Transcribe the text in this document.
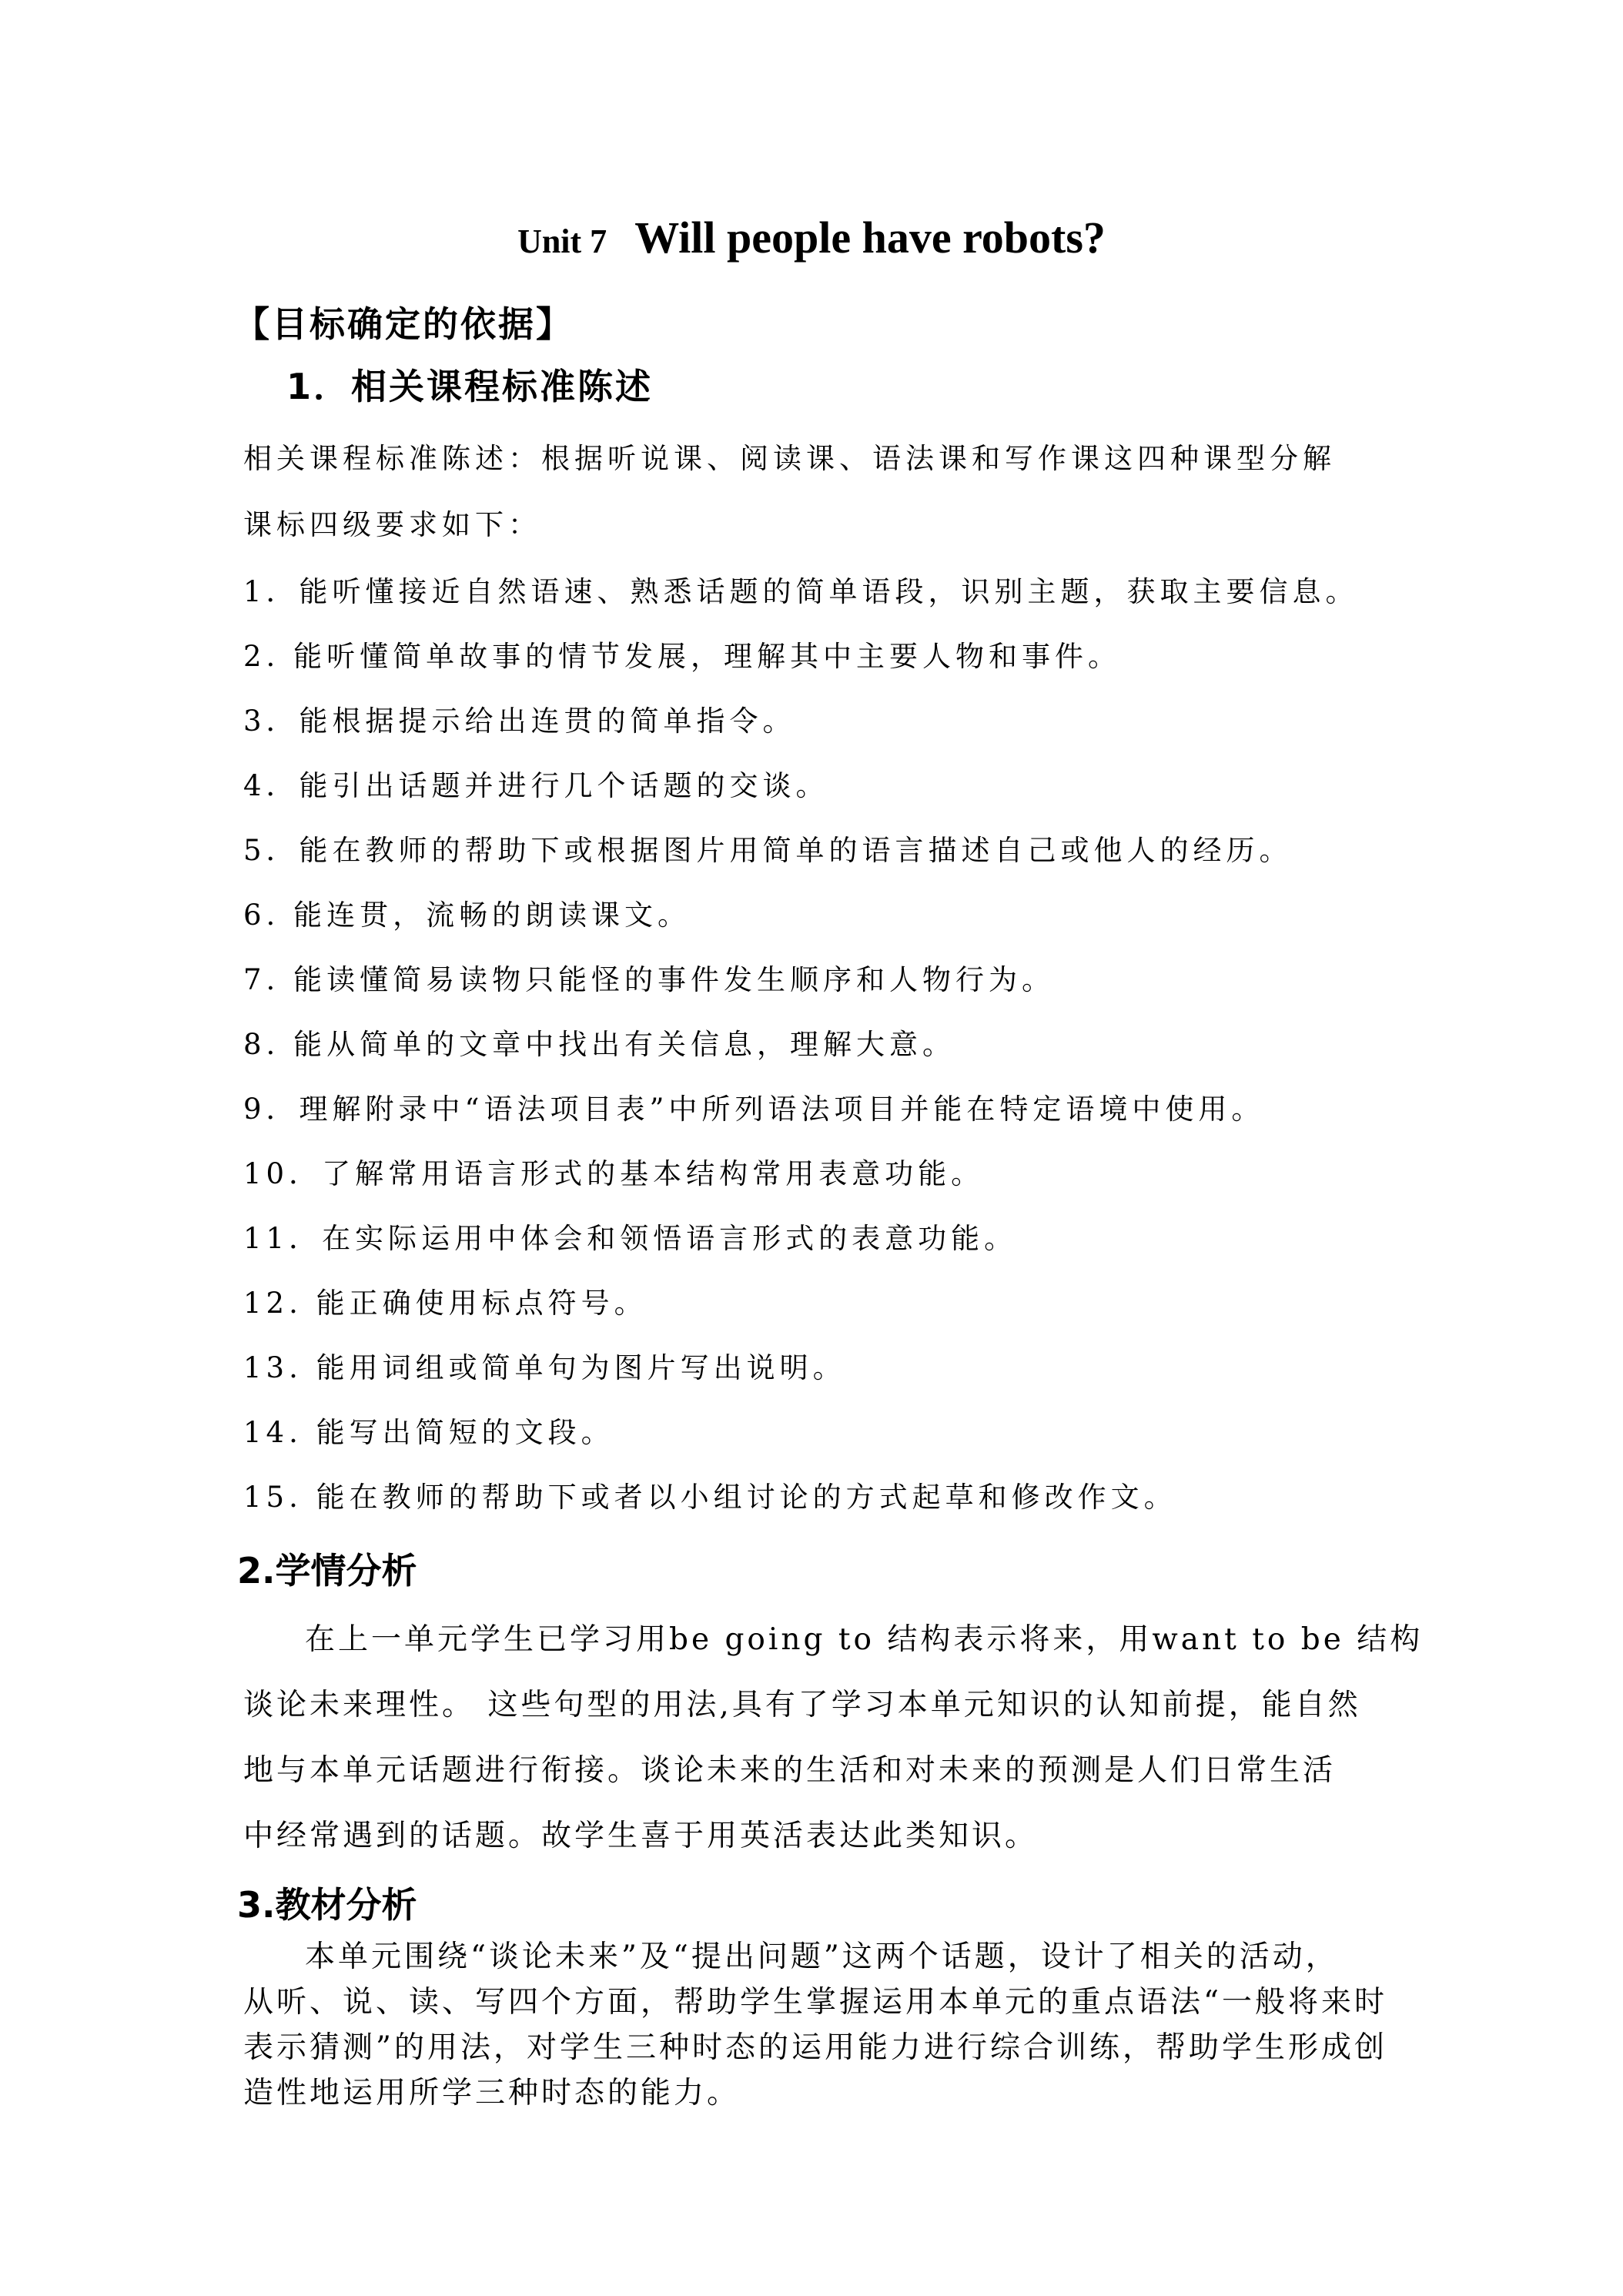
Unit 7 Will people have robots?
【目标确定的依据】
1．相关课程标准陈述
相关课程标准陈述：根据听说课、阅读课、语法课和写作课这四种课型分解
课标四级要求如下：
1．能听懂接近自然语速、熟悉话题的简单语段，识别主题，获取主要信息。
2. 能听懂简单故事的情节发展，理解其中主要人物和事件。
3．能根据提示给出连贯的简单指令。
4．能引出话题并进行几个话题的交谈。
5．能在教师的帮助下或根据图片用简单的语言描述自己或他人的经历。
6. 能连贯，流畅的朗读课文。
7. 能读懂简易读物只能怪的事件发生顺序和人物行为。
8. 能从简单的文章中找出有关信息，理解大意。
9．理解附录中“语法项目表”中所列语法项目并能在特定语境中使用。
10．了解常用语言形式的基本结构常用表意功能。
11．在实际运用中体会和领悟语言形式的表意功能。
12. 能正确使用标点符号。
13. 能用词组或简单句为图片写出说明。
14. 能写出简短的文段。
15. 能在教师的帮助下或者以小组讨论的方式起草和修改作文。
2.学情分析
在上一单元学生已学习用be going to 结构表示将来，用want to be 结构
谈论未来理性。 这些句型的用法,具有了学习本单元知识的认知前提，能自然
地与本单元话题进行衔接。谈论未来的生活和对未来的预测是人们日常生活
中经常遇到的话题。故学生喜于用英活表达此类知识。
3.教材分析
本单元围绕“谈论未来”及“提出问题”这两个话题，设计了相关的活动，
从听、说、读、写四个方面，帮助学生掌握运用本单元的重点语法“一般将来时
表示猜测”的用法，对学生三种时态的运用能力进行综合训练，帮助学生形成创
造性地运用所学三种时态的能力。
